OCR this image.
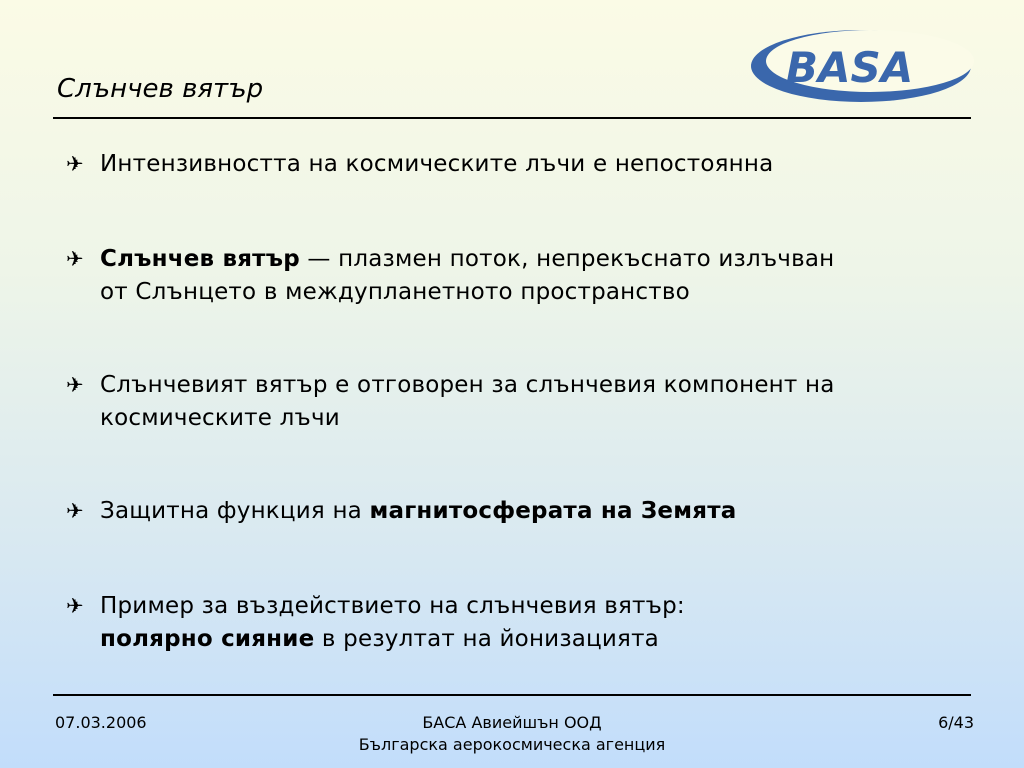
Слънчев вятър	BASA
✈ Интензивността на космическите лъчи е непостоянна
✈ Слънчев вятър — плазмен поток, непрекъснато излъчван
от Слънцето в междупланетното пространство
✈ Слънчевият вятър е отговорен за слънчевия компонент на
космическите лъчи
✈ Защитна функция на магнитосферата на Земята
✈ Пример за въздействието на слънчевия вятър:
полярно сияние в резултат на йонизацията
07.03.2006	БАСА Авиейшън ООД
Българска аерокосмическа агенция
6/43
